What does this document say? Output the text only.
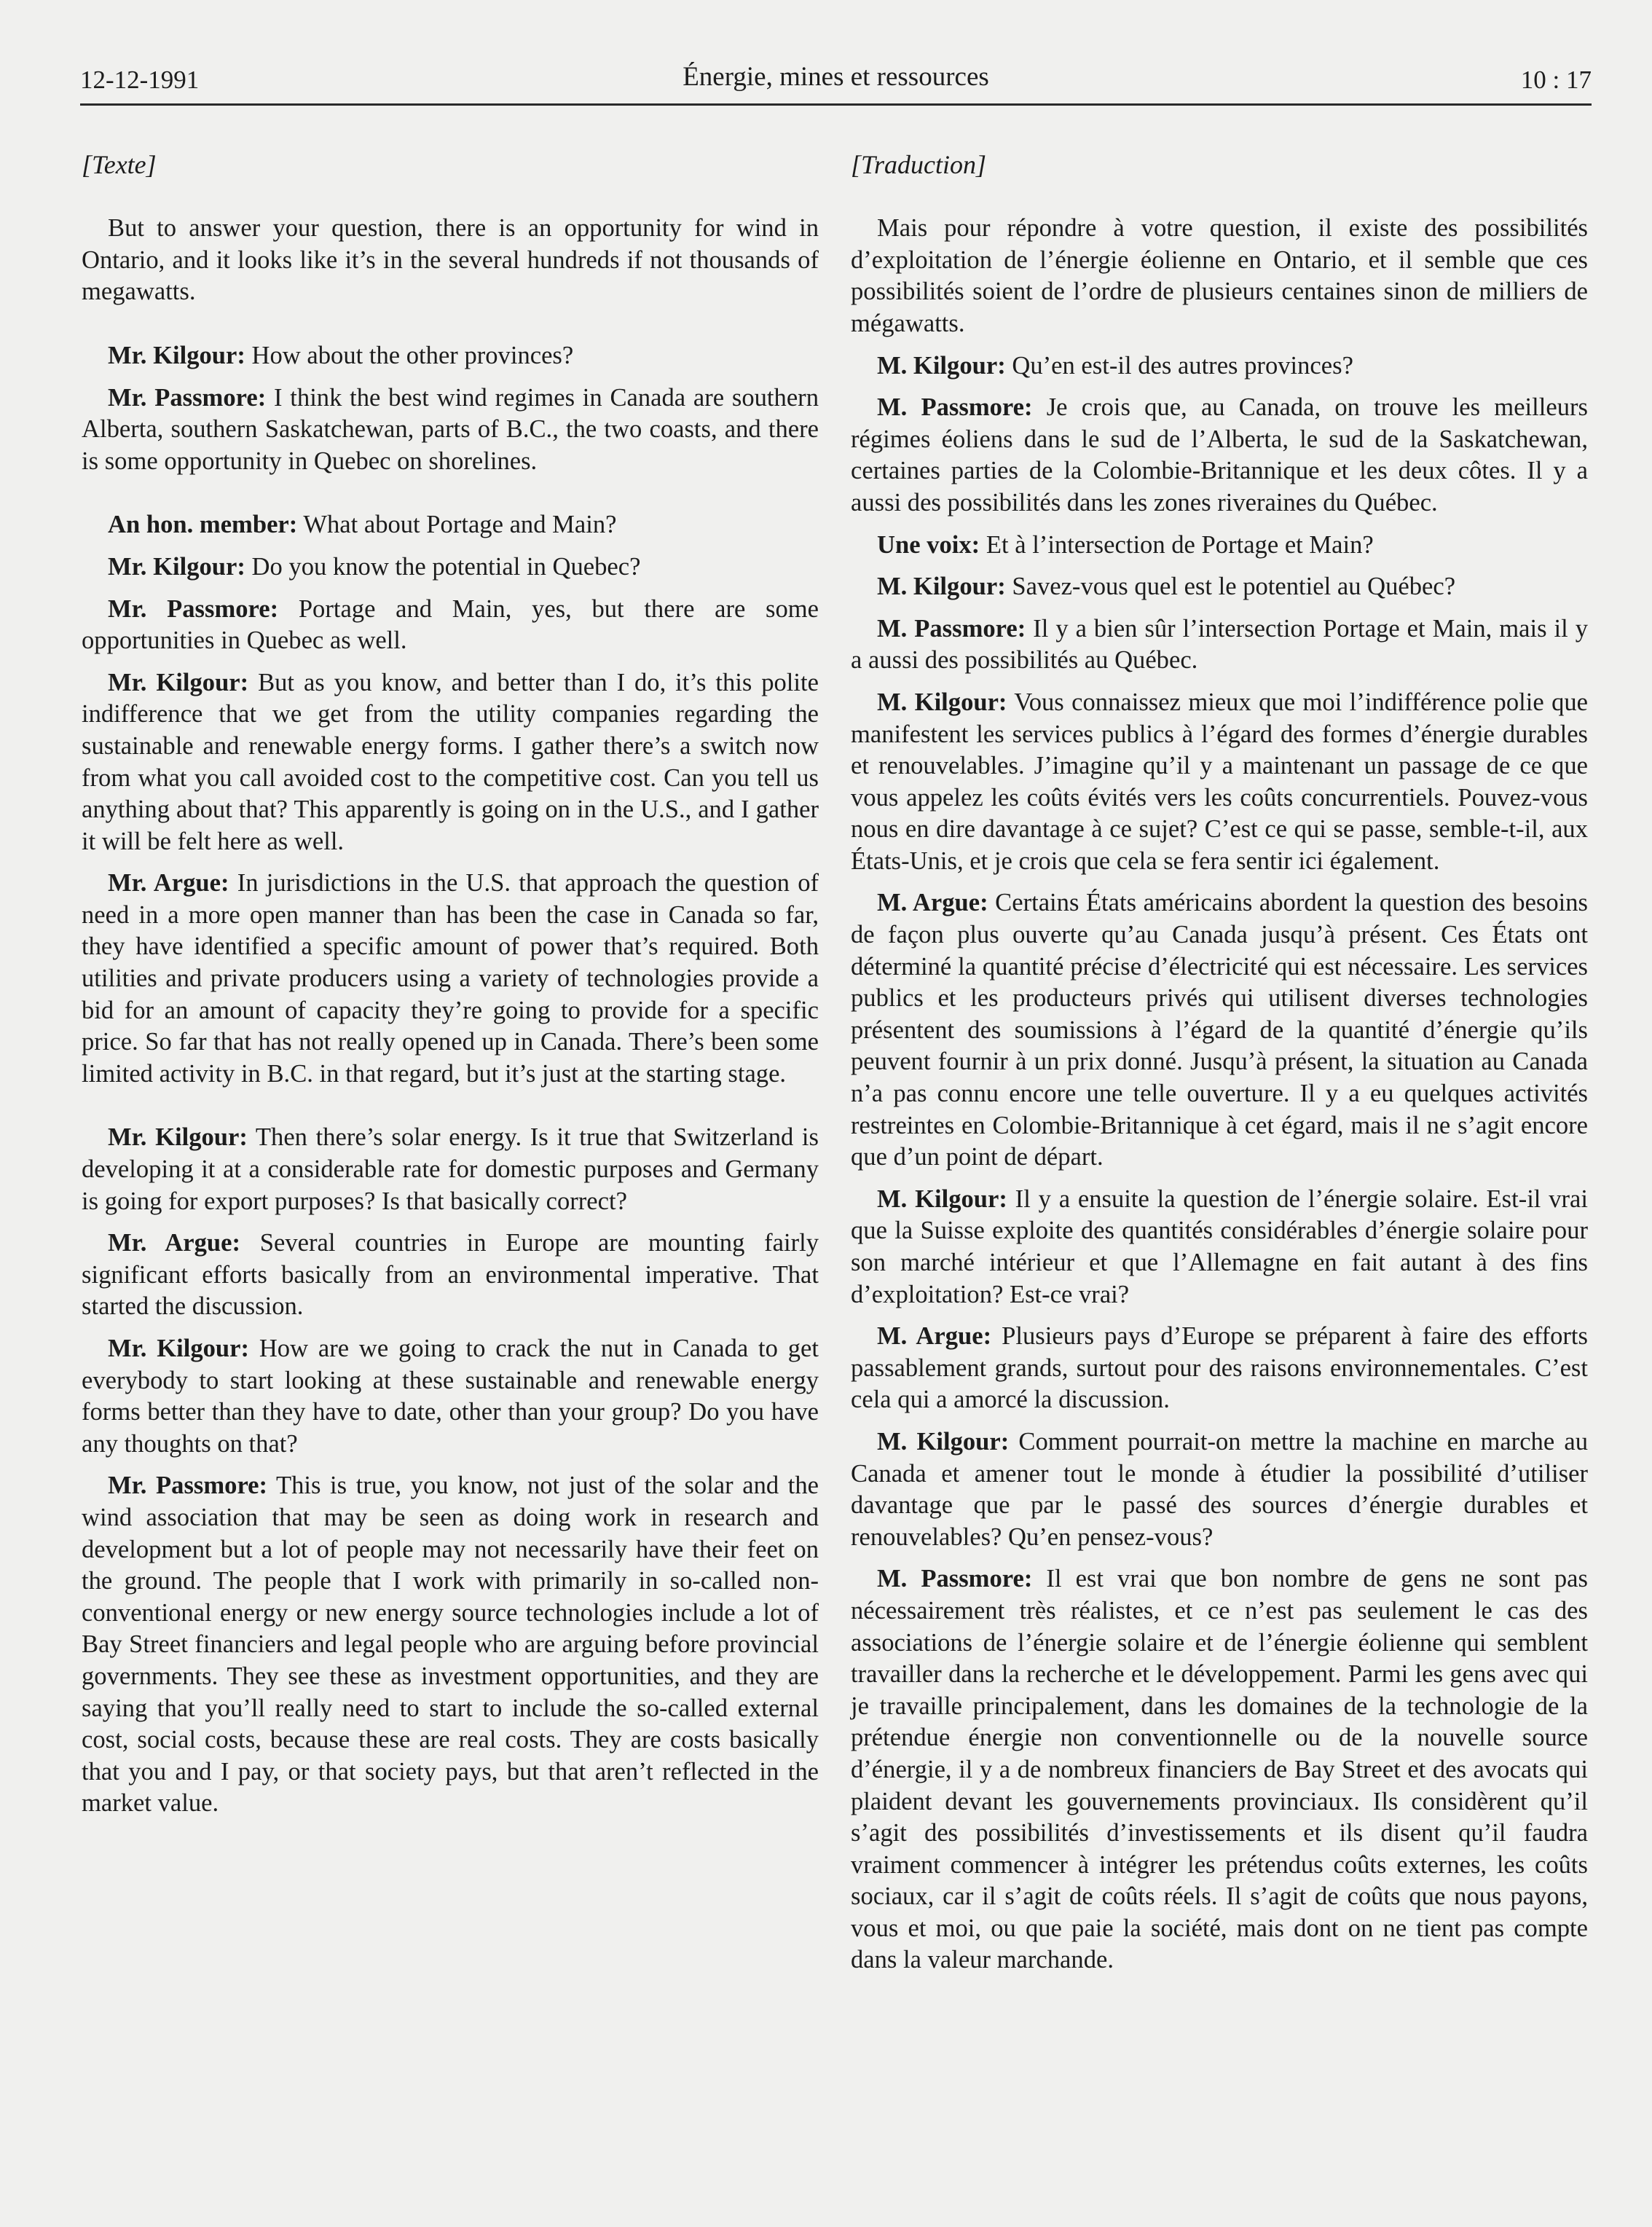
12-12-1991	Énergie, mines et ressources	10 : 17
[Texte]

But to answer your question, there is an opportunity for wind in Ontario, and it looks like it’s in the several hundreds if not thousands of megawatts.

Mr. Kilgour: How about the other provinces?

Mr. Passmore: I think the best wind regimes in Canada are southern Alberta, southern Saskatchewan, parts of B.C., the two coasts, and there is some opportunity in Quebec on shorelines.

An hon. member: What about Portage and Main?

Mr. Kilgour: Do you know the potential in Quebec?

Mr. Passmore: Portage and Main, yes, but there are some opportunities in Quebec as well.

Mr. Kilgour: But as you know, and better than I do, it’s this polite indifference that we get from the utility companies regarding the sustainable and renewable energy forms. I gather there’s a switch now from what you call avoided cost to the competitive cost. Can you tell us anything about that? This apparently is going on in the U.S., and I gather it will be felt here as well.

Mr. Argue: In jurisdictions in the U.S. that approach the question of need in a more open manner than has been the case in Canada so far, they have identified a specific amount of power that’s required. Both utilities and private producers using a variety of technologies provide a bid for an amount of capacity they’re going to provide for a specific price. So far that has not really opened up in Canada. There’s been some limited activity in B.C. in that regard, but it’s just at the starting stage.

Mr. Kilgour: Then there’s solar energy. Is it true that Switzerland is developing it at a considerable rate for domestic purposes and Germany is going for export purposes? Is that basically correct?

Mr. Argue: Several countries in Europe are mounting fairly significant efforts basically from an environmental imperative. That started the discussion.

Mr. Kilgour: How are we going to crack the nut in Canada to get everybody to start looking at these sustainable and renewable energy forms better than they have to date, other than your group? Do you have any thoughts on that?

Mr. Passmore: This is true, you know, not just of the solar and the wind association that may be seen as doing work in research and development but a lot of people may not necessarily have their feet on the ground. The people that I work with primarily in so-called non-conventional energy or new energy source technologies include a lot of Bay Street financiers and legal people who are arguing before provincial governments. They see these as investment opportunities, and they are saying that you’ll really need to start to include the so-called external cost, social costs, because these are real costs. They are costs basically that you and I pay, or that society pays, but that aren’t reflected in the market value.

[Traduction]

Mais pour répondre à votre question, il existe des possibilités d’exploitation de l’énergie éolienne en Ontario, et il semble que ces possibilités soient de l’ordre de plusieurs centaines sinon de milliers de mégawatts.

M. Kilgour: Qu’en est-il des autres provinces?

M. Passmore: Je crois que, au Canada, on trouve les meilleurs régimes éoliens dans le sud de l’Alberta, le sud de la Saskatchewan, certaines parties de la Colombie-Britannique et les deux côtes. Il y a aussi des possibilités dans les zones riveraines du Québec.

Une voix: Et à l’intersection de Portage et Main?

M. Kilgour: Savez-vous quel est le potentiel au Québec?

M. Passmore: Il y a bien sûr l’intersection Portage et Main, mais il y a aussi des possibilités au Québec.

M. Kilgour: Vous connaissez mieux que moi l’indifférence polie que manifestent les services publics à l’égard des formes d’énergie durables et renouvelables. J’imagine qu’il y a maintenant un passage de ce que vous appelez les coûts évités vers les coûts concurrentiels. Pouvez-vous nous en dire davantage à ce sujet? C’est ce qui se passe, semble-t-il, aux États-Unis, et je crois que cela se fera sentir ici également.

M. Argue: Certains États américains abordent la question des besoins de façon plus ouverte qu’au Canada jusqu’à présent. Ces États ont déterminé la quantité précise d’électricité qui est nécessaire. Les services publics et les producteurs privés qui utilisent diverses technologies présentent des soumissions à l’égard de la quantité d’énergie qu’ils peuvent fournir à un prix donné. Jusqu’à présent, la situation au Canada n’a pas connu encore une telle ouverture. Il y a eu quelques activités restreintes en Colombie-Britannique à cet égard, mais il ne s’agit encore que d’un point de départ.

M. Kilgour: Il y a ensuite la question de l’énergie solaire. Est-il vrai que la Suisse exploite des quantités considérables d’énergie solaire pour son marché intérieur et que l’Allemagne en fait autant à des fins d’exploitation? Est-ce vrai?

M. Argue: Plusieurs pays d’Europe se préparent à faire des efforts passablement grands, surtout pour des raisons environnementales. C’est cela qui a amorcé la discussion.

M. Kilgour: Comment pourrait-on mettre la machine en marche au Canada et amener tout le monde à étudier la possibilité d’utiliser davantage que par le passé des sources d’énergie durables et renouvelables? Qu’en pensez-vous?

M. Passmore: Il est vrai que bon nombre de gens ne sont pas nécessairement très réalistes, et ce n’est pas seulement le cas des associations de l’énergie solaire et de l’énergie éolienne qui semblent travailler dans la recherche et le développement. Parmi les gens avec qui je travaille principalement, dans les domaines de la technologie de la prétendue énergie non conventionnelle ou de la nouvelle source d’énergie, il y a de nombreux financiers de Bay Street et des avocats qui plaident devant les gouvernements provinciaux. Ils considèrent qu’il s’agit des possibilités d’investissements et ils disent qu’il faudra vraiment commencer à intégrer les prétendus coûts externes, les coûts sociaux, car il s’agit de coûts réels. Il s’agit de coûts que nous payons, vous et moi, ou que paie la société, mais dont on ne tient pas compte dans la valeur marchande.
